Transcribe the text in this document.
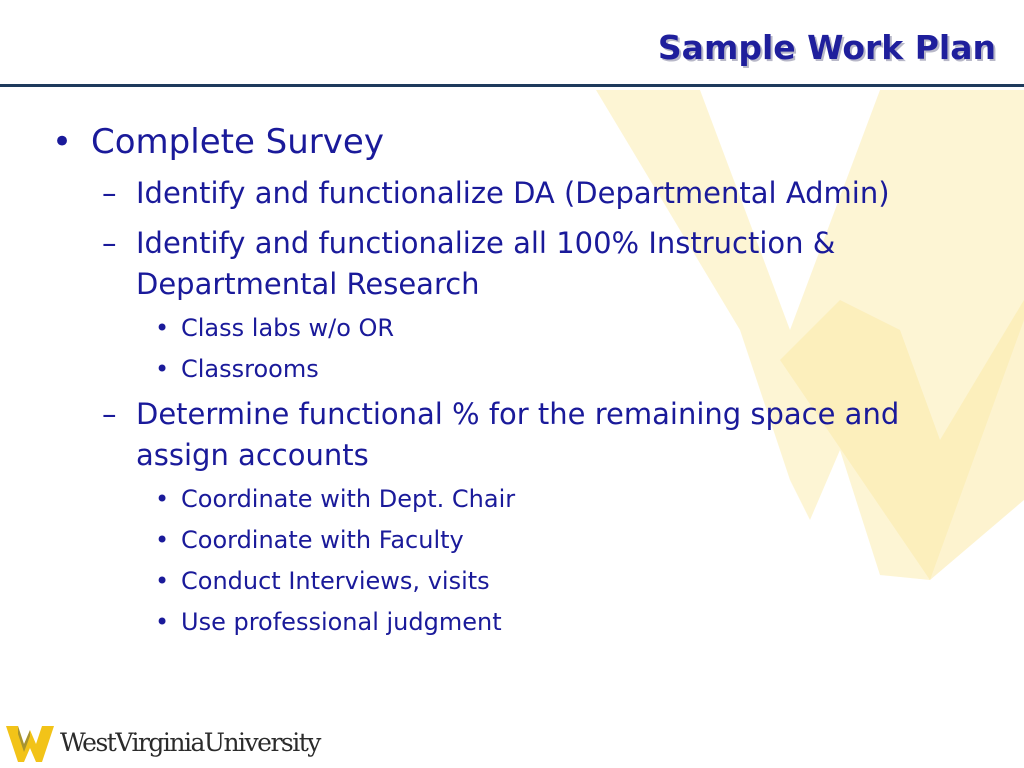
Sample Work Plan
• Complete Survey
– Identify and functionalize DA (Departmental Admin)
– Identify and functionalize all 100% Instruction &
Departmental Research
• Class labs w/o OR
• Classrooms
– Determine functional % for the remaining space and
assign accounts
• Coordinate with Dept. Chair
• Coordinate with Faculty
• Conduct Interviews, visits
• Use professional judgment
WestVirginiaUniversity
